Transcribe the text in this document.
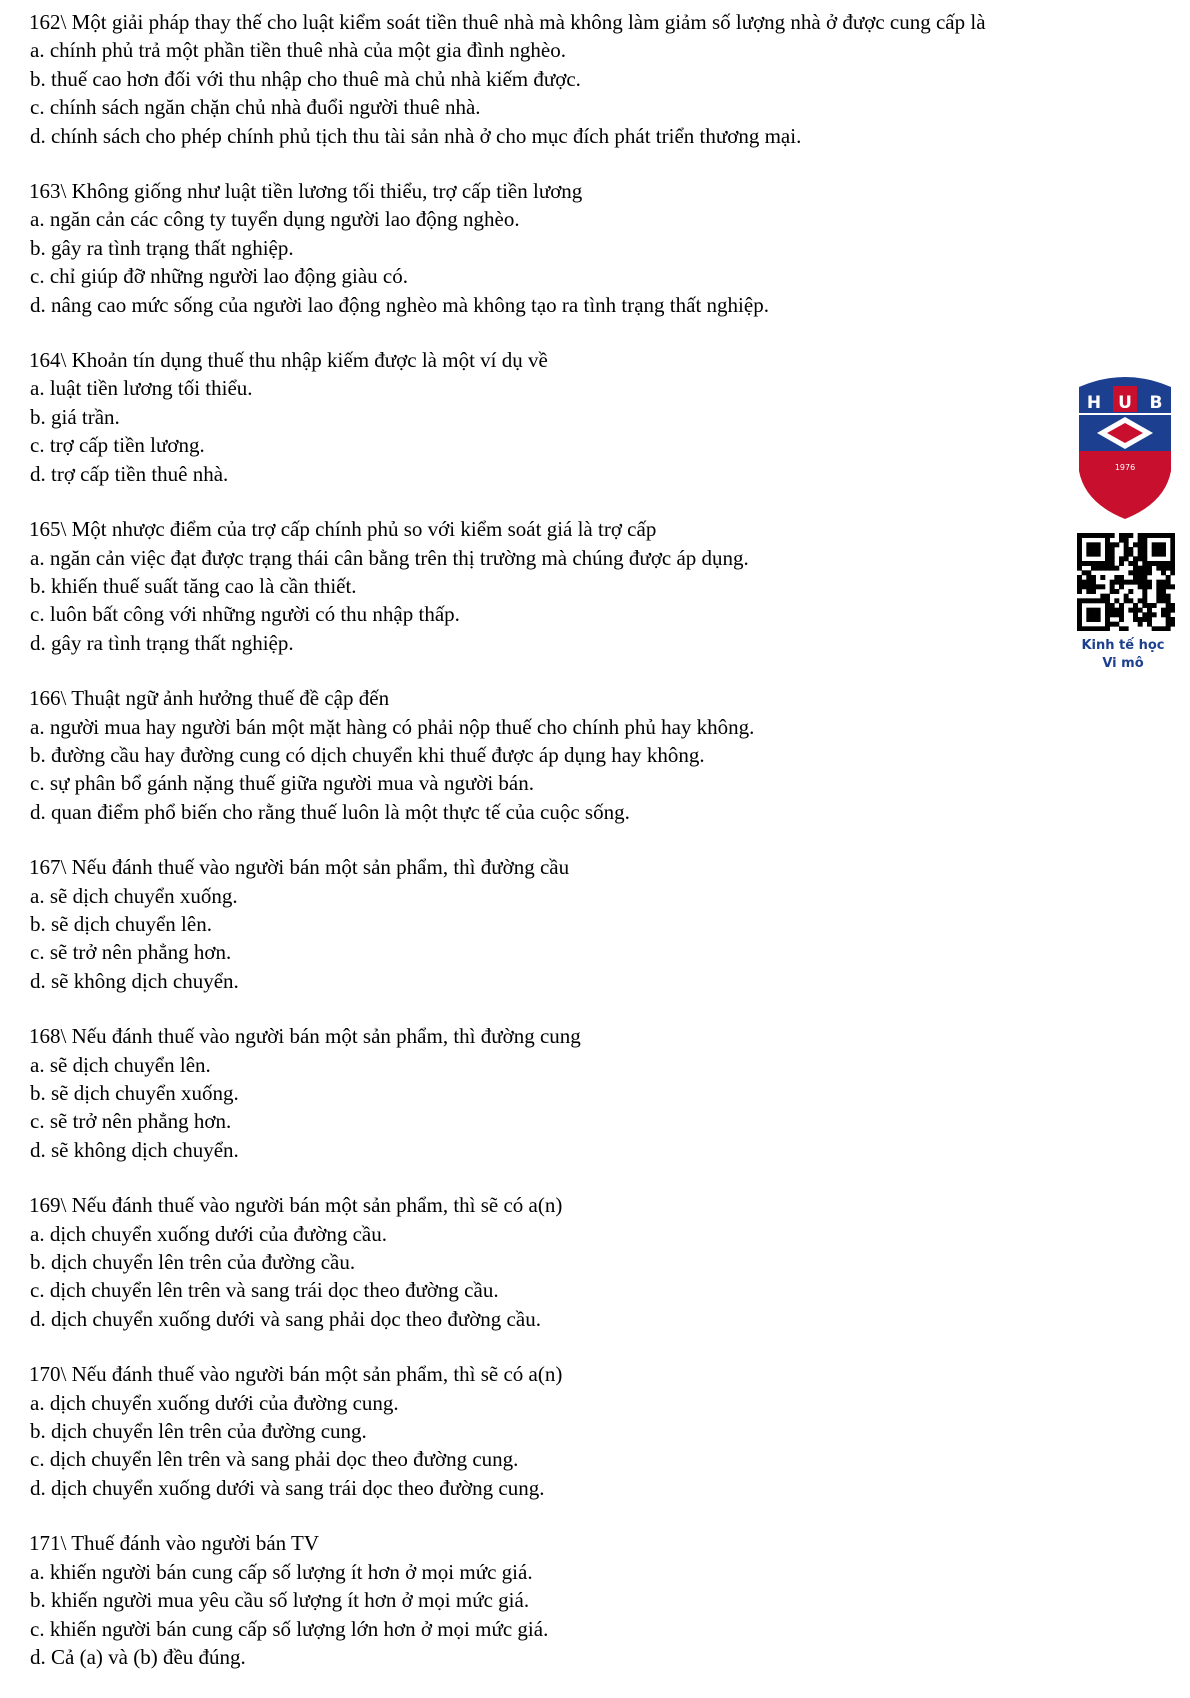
162\ Một giải pháp thay thế cho luật kiểm soát tiền thuê nhà mà không làm giảm số lượng nhà ở được cung cấp là
a. chính phủ trả một phần tiền thuê nhà của một gia đình nghèo.
b. thuế cao hơn đối với thu nhập cho thuê mà chủ nhà kiếm được.
c. chính sách ngăn chặn chủ nhà đuổi người thuê nhà.
d. chính sách cho phép chính phủ tịch thu tài sản nhà ở cho mục đích phát triển thương mại.
163\ Không giống như luật tiền lương tối thiểu, trợ cấp tiền lương
a. ngăn cản các công ty tuyển dụng người lao động nghèo.
b. gây ra tình trạng thất nghiệp.
c. chỉ giúp đỡ những người lao động giàu có.
d. nâng cao mức sống của người lao động nghèo mà không tạo ra tình trạng thất nghiệp.
164\ Khoản tín dụng thuế thu nhập kiếm được là một ví dụ về
a. luật tiền lương tối thiểu.
b. giá trần.
c. trợ cấp tiền lương.
d. trợ cấp tiền thuê nhà.
165\ Một nhược điểm của trợ cấp chính phủ so với kiểm soát giá là trợ cấp
a. ngăn cản việc đạt được trạng thái cân bằng trên thị trường mà chúng được áp dụng.
b. khiến thuế suất tăng cao là cần thiết.
c. luôn bất công với những người có thu nhập thấp.
d. gây ra tình trạng thất nghiệp.
166\ Thuật ngữ ảnh hưởng thuế đề cập đến
a. người mua hay người bán một mặt hàng có phải nộp thuế cho chính phủ hay không.
b. đường cầu hay đường cung có dịch chuyển khi thuế được áp dụng hay không.
c. sự phân bổ gánh nặng thuế giữa người mua và người bán.
d. quan điểm phổ biến cho rằng thuế luôn là một thực tế của cuộc sống.
167\ Nếu đánh thuế vào người bán một sản phẩm, thì đường cầu
a. sẽ dịch chuyển xuống.
b. sẽ dịch chuyển lên.
c. sẽ trở nên phẳng hơn.
d. sẽ không dịch chuyển.
168\ Nếu đánh thuế vào người bán một sản phẩm, thì đường cung
a. sẽ dịch chuyển lên.
b. sẽ dịch chuyển xuống.
c. sẽ trở nên phẳng hơn.
d. sẽ không dịch chuyển.
169\ Nếu đánh thuế vào người bán một sản phẩm, thì sẽ có a(n)
a. dịch chuyển xuống dưới của đường cầu.
b. dịch chuyển lên trên của đường cầu.
c. dịch chuyển lên trên và sang trái dọc theo đường cầu.
d. dịch chuyển xuống dưới và sang phải dọc theo đường cầu.
170\ Nếu đánh thuế vào người bán một sản phẩm, thì sẽ có a(n)
a. dịch chuyển xuống dưới của đường cung.
b. dịch chuyển lên trên của đường cung.
c. dịch chuyển lên trên và sang phải dọc theo đường cung.
d. dịch chuyển xuống dưới và sang trái dọc theo đường cung.
171\ Thuế đánh vào người bán TV
a. khiến người bán cung cấp số lượng ít hơn ở mọi mức giá.
b. khiến người mua yêu cầu số lượng ít hơn ở mọi mức giá.
c. khiến người bán cung cấp số lượng lớn hơn ở mọi mức giá.
d. Cả (a) và (b) đều đúng.
H U B
1976
Kinh tế học
Vi mô
